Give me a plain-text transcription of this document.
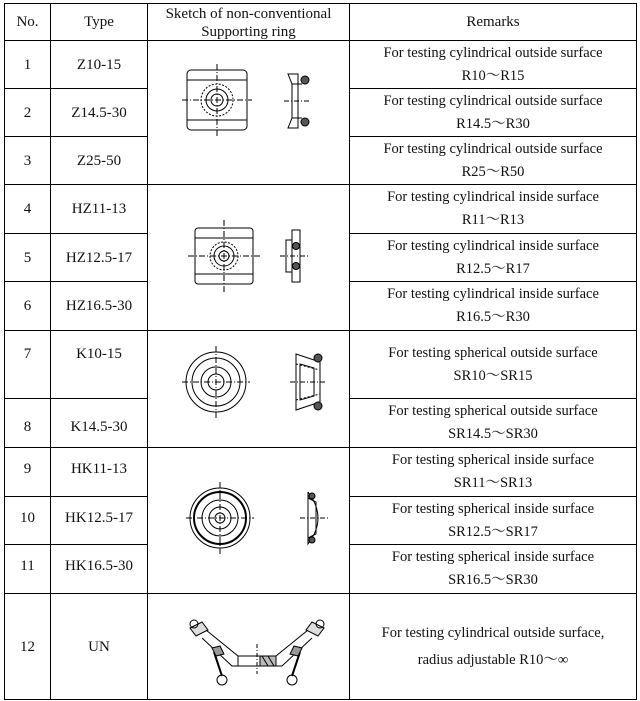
No.	Type	Sketch of non-conventional
Supporting ring
Remarks
1	Z10-15
For testing cylindrical outside surface
R10～R15
2	Z14.5-30
For testing cylindrical outside surface
R14.5～R30
3	Z25-50
For testing cylindrical outside surface
R25～R50
4	HZ11-13
For testing cylindrical inside surface
R11～R13
5 HZ12.5-17
For testing cylindrical inside surface
R12.5～R17
6 HZ16.5-30
For testing cylindrical inside surface
R16.5～R30
7	K10-15	For testing spherical outside surface
SR10～SR15
8	K14.5-30
For testing spherical outside surface
SR14.5～SR30
9	HK11-13
For testing spherical inside surface
SR11～SR13
10 HK12.5-17
For testing spherical inside surface
SR12.5～SR17
11 HK16.5-30
For testing spherical inside surface
SR16.5～SR30
12	UN
For testing cylindrical outside surface,
radius adjustable R10～∞
